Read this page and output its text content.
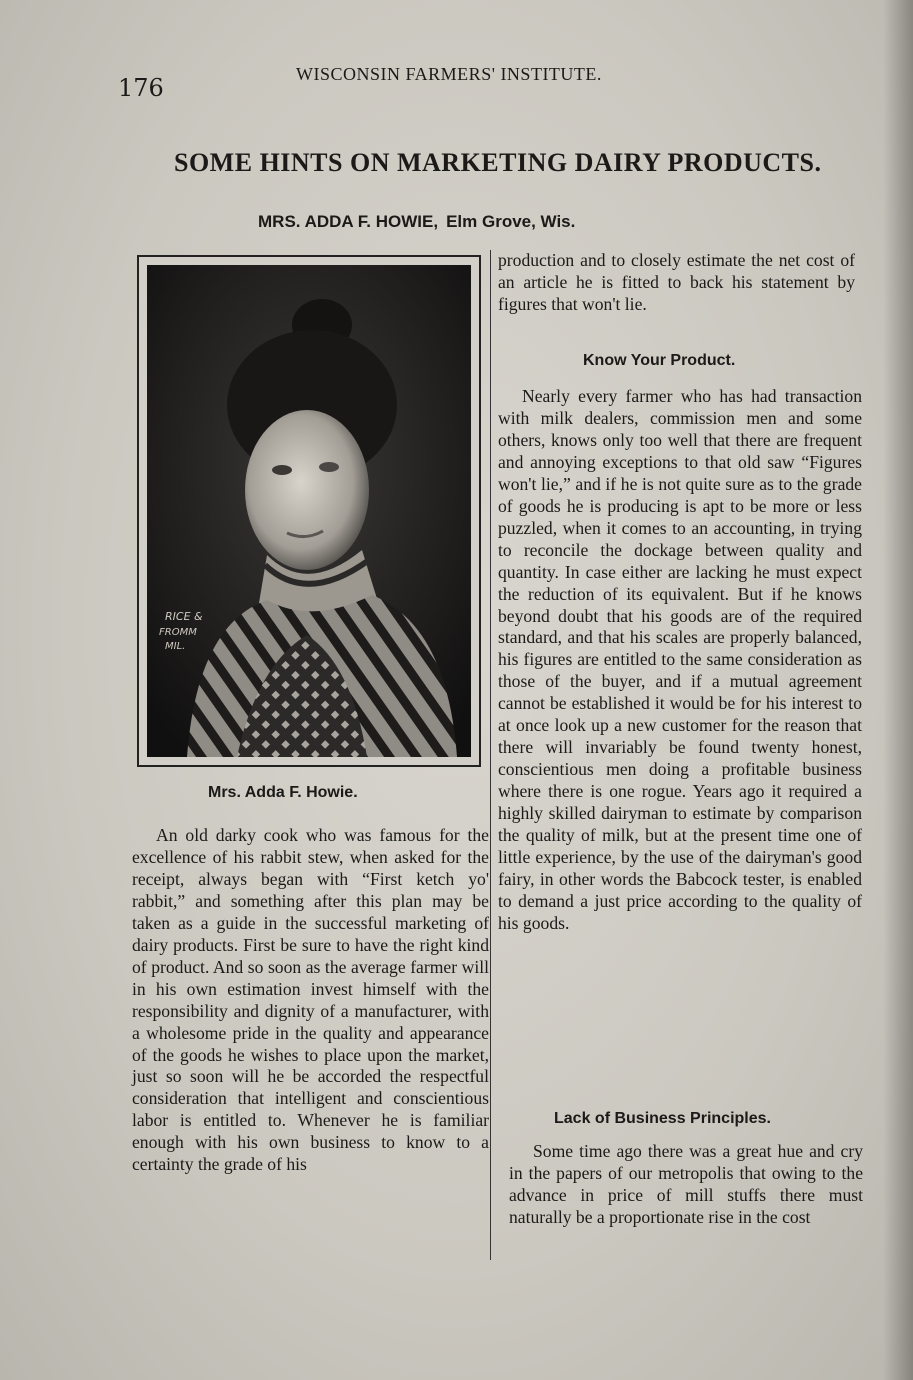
176	WISCONSIN FARMERS' INSTITUTE.
SOME HINTS ON MARKETING DAIRY PRODUCTS.
MRS. ADDA F. HOWIE, Elm Grove, Wis.
RICE &
FROMM
MIL.
Mrs. Adda F. Howie.

An old darky cook who was famous for the excellence of his rabbit stew, when asked for the receipt, always began with “First ketch yo' rabbit,” and something after this plan may be taken as a guide in the successful marketing of dairy products. First be sure to have the right kind of product. And so soon as the average farmer will in his own estimation invest himself with the responsibility and dignity of a manufacturer, with a wholesome pride in the quality and appearance of the goods he wishes to place upon the market, just so soon will he be accorded the respectful consideration that intelligent and conscientious labor is entitled to. Whenever he is familiar enough with his own business to know to a certainty the grade of his

production and to closely estimate the net cost of an article he is fitted to back his statement by figures that won't lie.

Know Your Product.

Nearly every farmer who has had transaction with milk dealers, commission men and some others, knows only too well that there are frequent and annoying exceptions to that old saw “Figures won't lie,” and if he is not quite sure as to the grade of goods he is producing is apt to be more or less puzzled, when it comes to an accounting, in trying to reconcile the dockage between quality and quantity. In case either are lacking he must expect the reduction of its equivalent. But if he knows beyond doubt that his goods are of the required standard, and that his scales are properly balanced, his figures are entitled to the same consideration as those of the buyer, and if a mutual agreement cannot be established it would be for his interest to at once look up a new customer for the reason that there will invariably be found twenty honest, conscientious men doing a profitable business where there is one rogue. Years ago it required a highly skilled dairyman to estimate by comparison the quality of milk, but at the present time one of little experience, by the use of the dairyman's good fairy, in other words the Babcock tester, is enabled to demand a just price according to the quality of his goods.

Lack of Business Principles.

Some time ago there was a great hue and cry in the papers of our metropolis that owing to the advance in price of mill stuffs there must naturally be a proportionate rise in the cost
